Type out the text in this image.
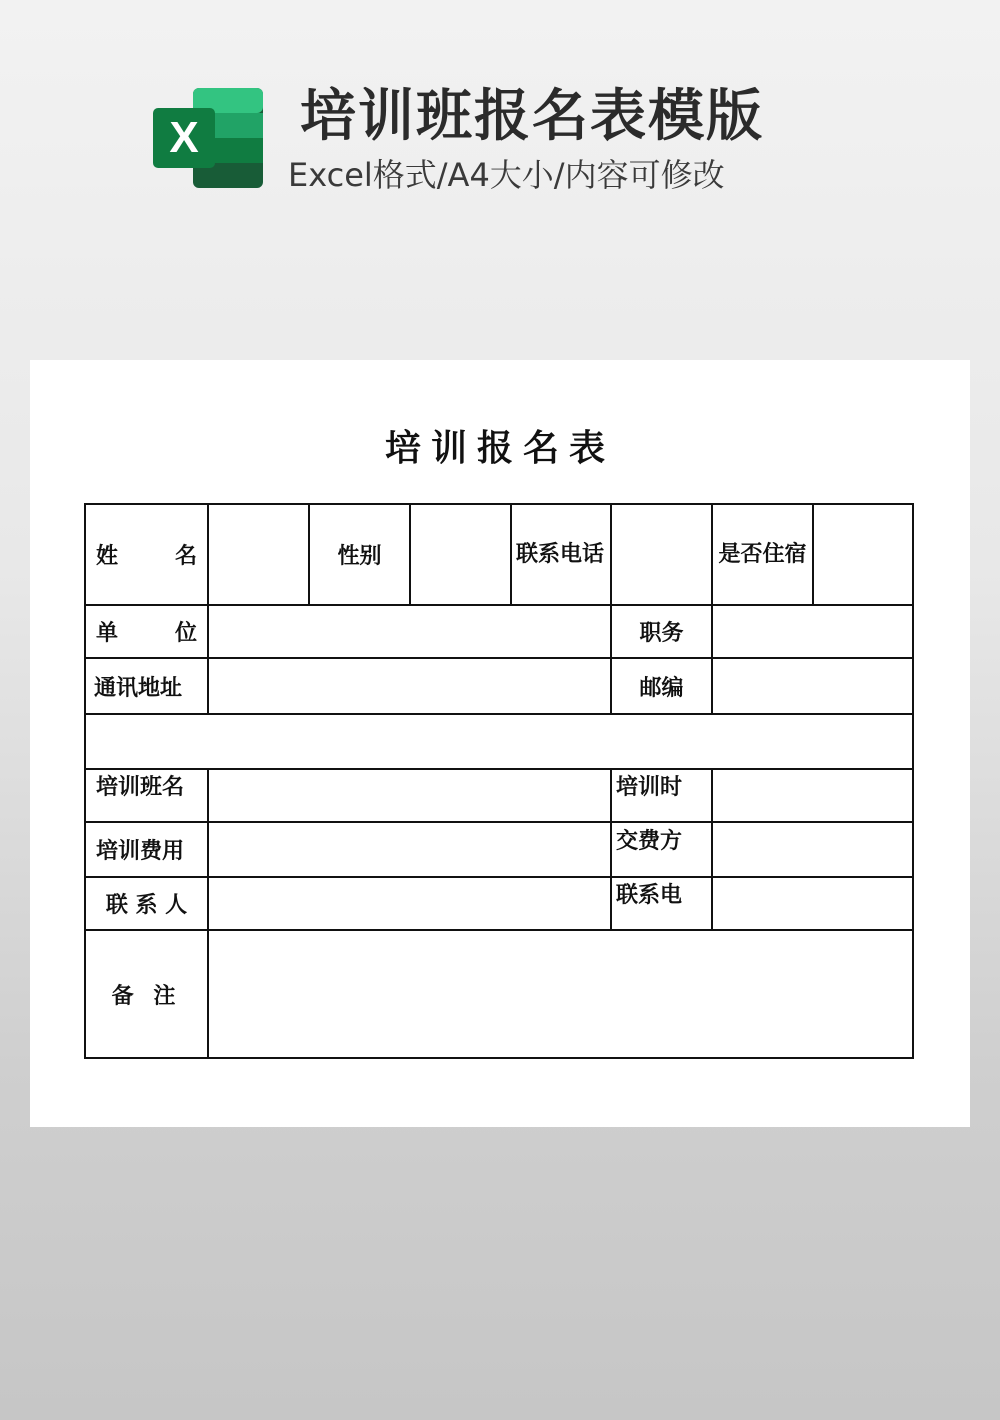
X 培训班报名表模版
Excel格式/A4大小/内容可修改
培训报名表
姓 名		性别		联系电话		是否住宿	

单 位					职务		

通讯地址					邮编		

培训班名					培训时		

培训费用					交费方		

联 系 人					联系电		

备 注							
